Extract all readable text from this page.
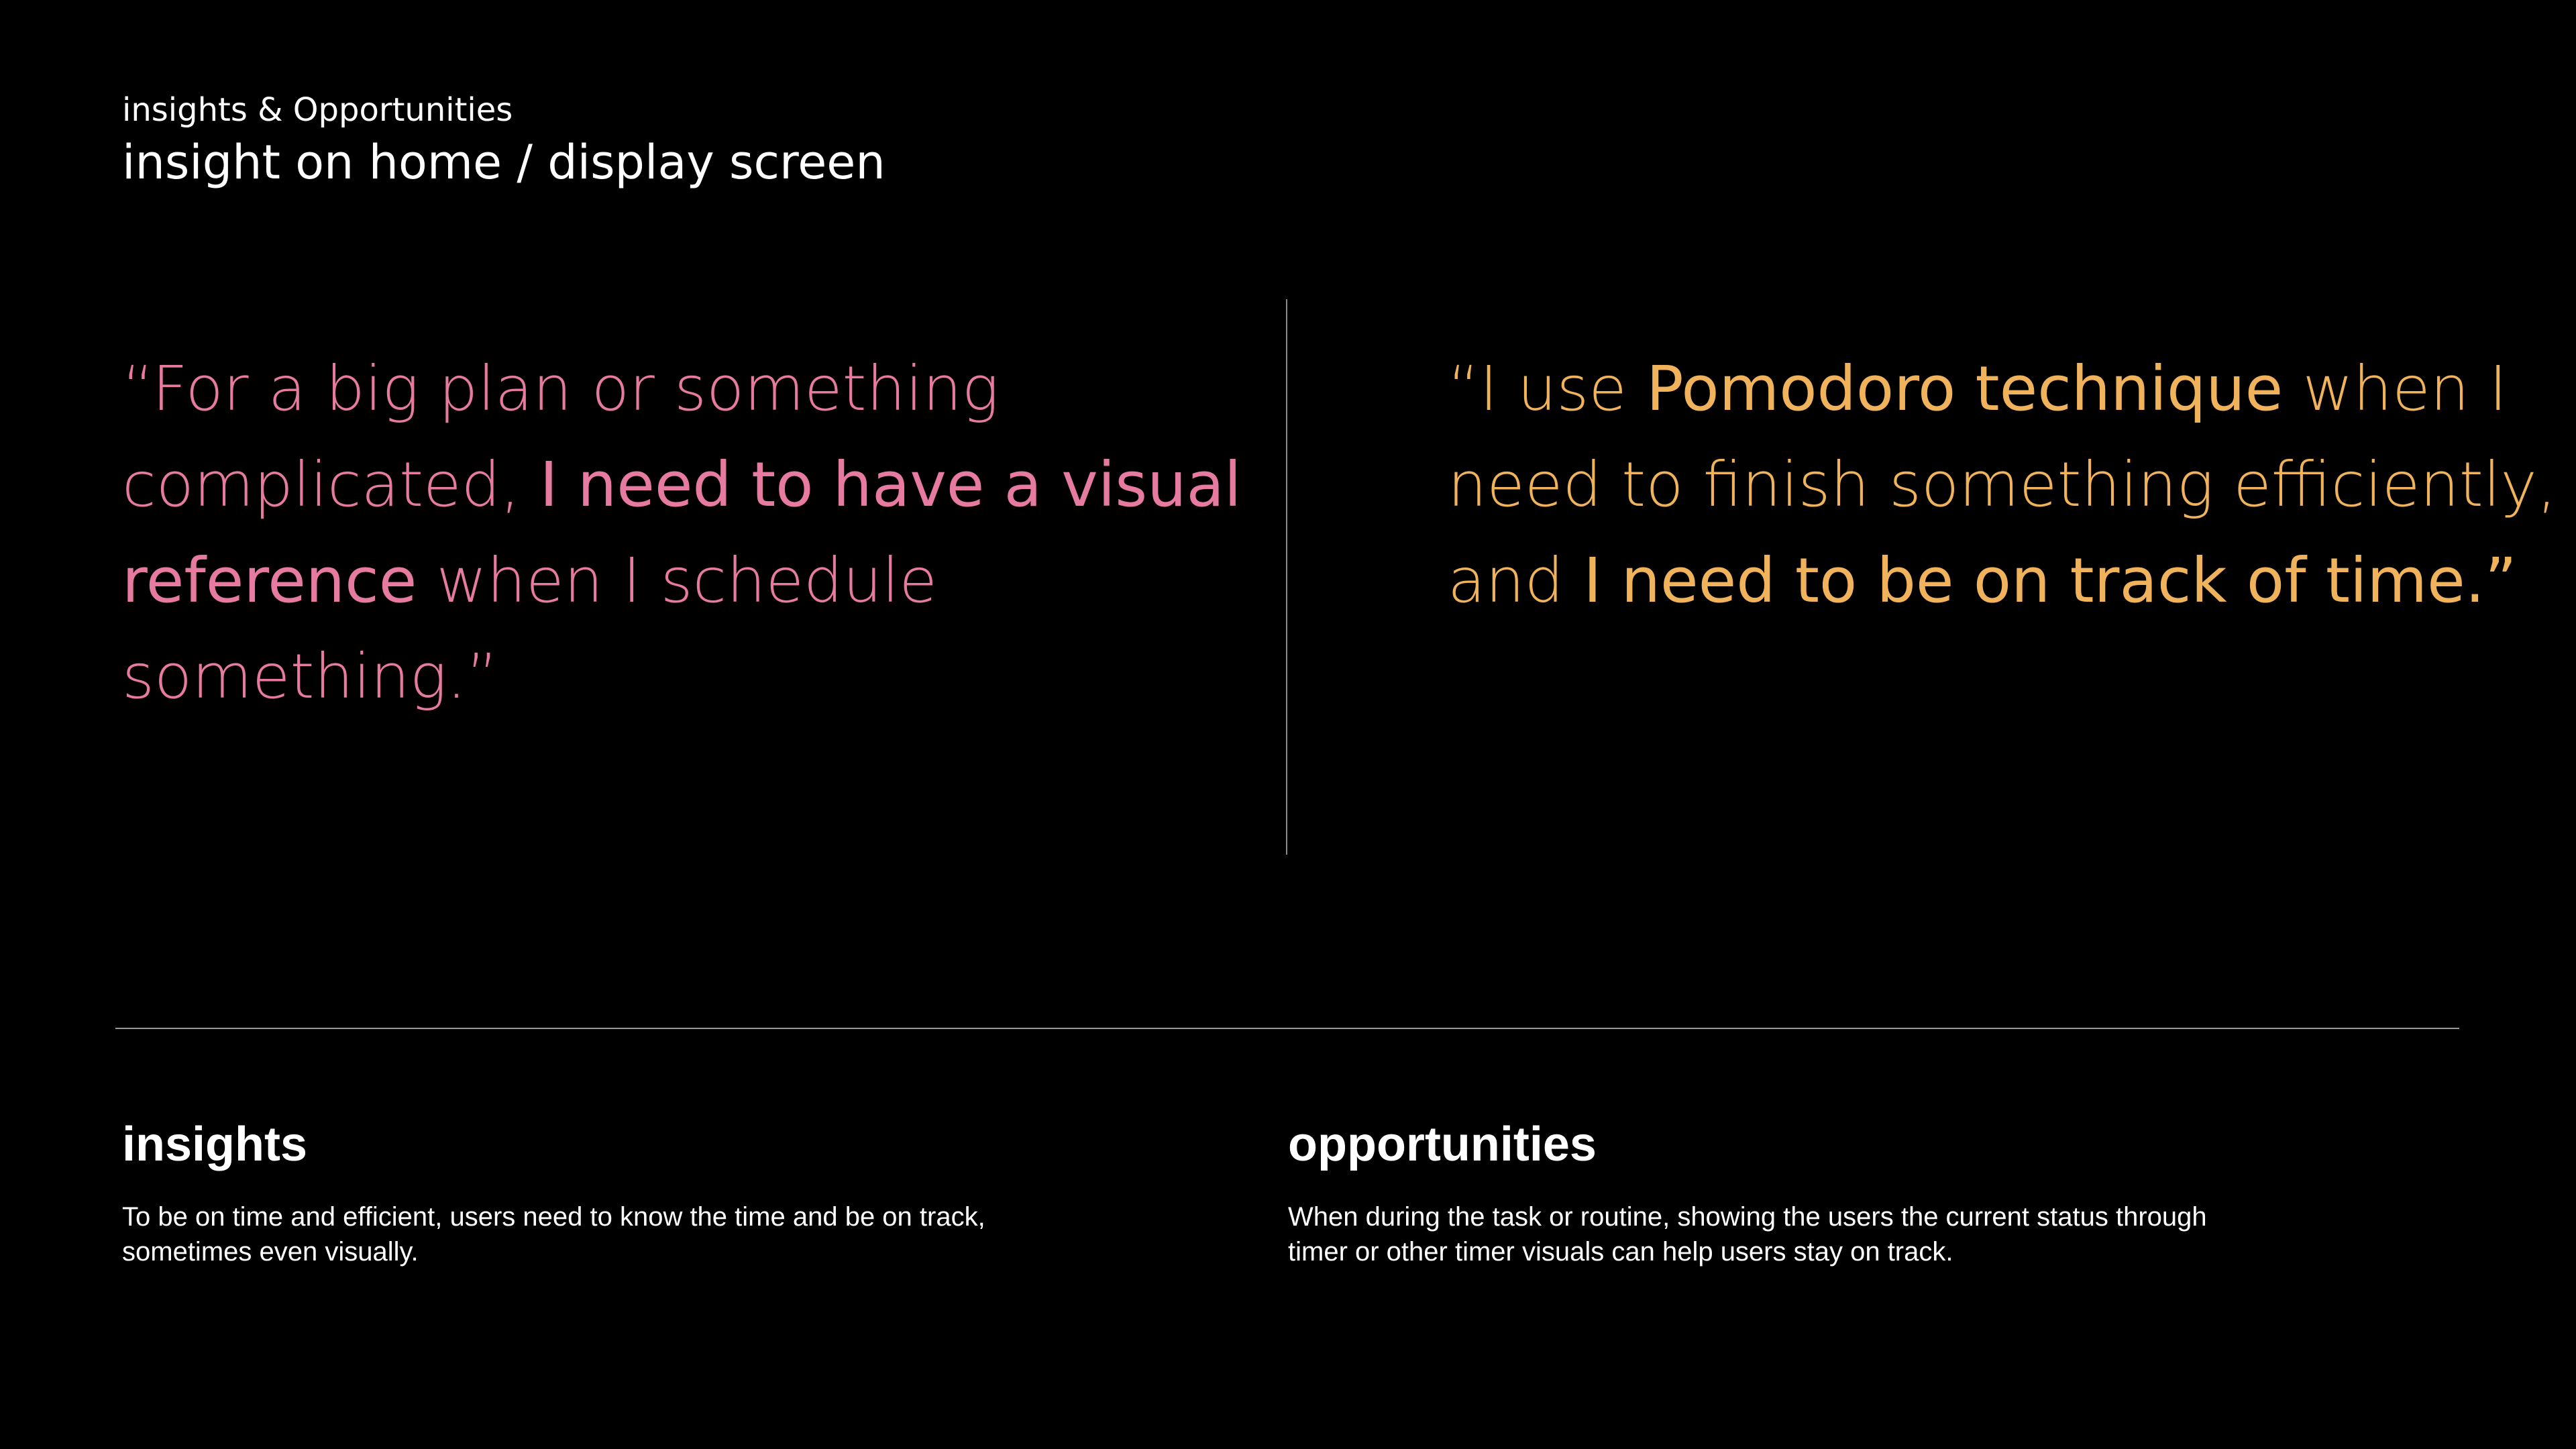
insights & Opportunities
insight on home / display screen
“For a big plan or something
complicated, I need to have a visual
reference when I schedule
something.”
“I use Pomodoro technique when I
need to finish something efficiently,
and I need to be on track of time.”
insights
To be on time and efficient, users need to know the time and be on track,
sometimes even visually.
opportunities
When during the task or routine, showing the users the current status through
timer or other timer visuals can help users stay on track.
